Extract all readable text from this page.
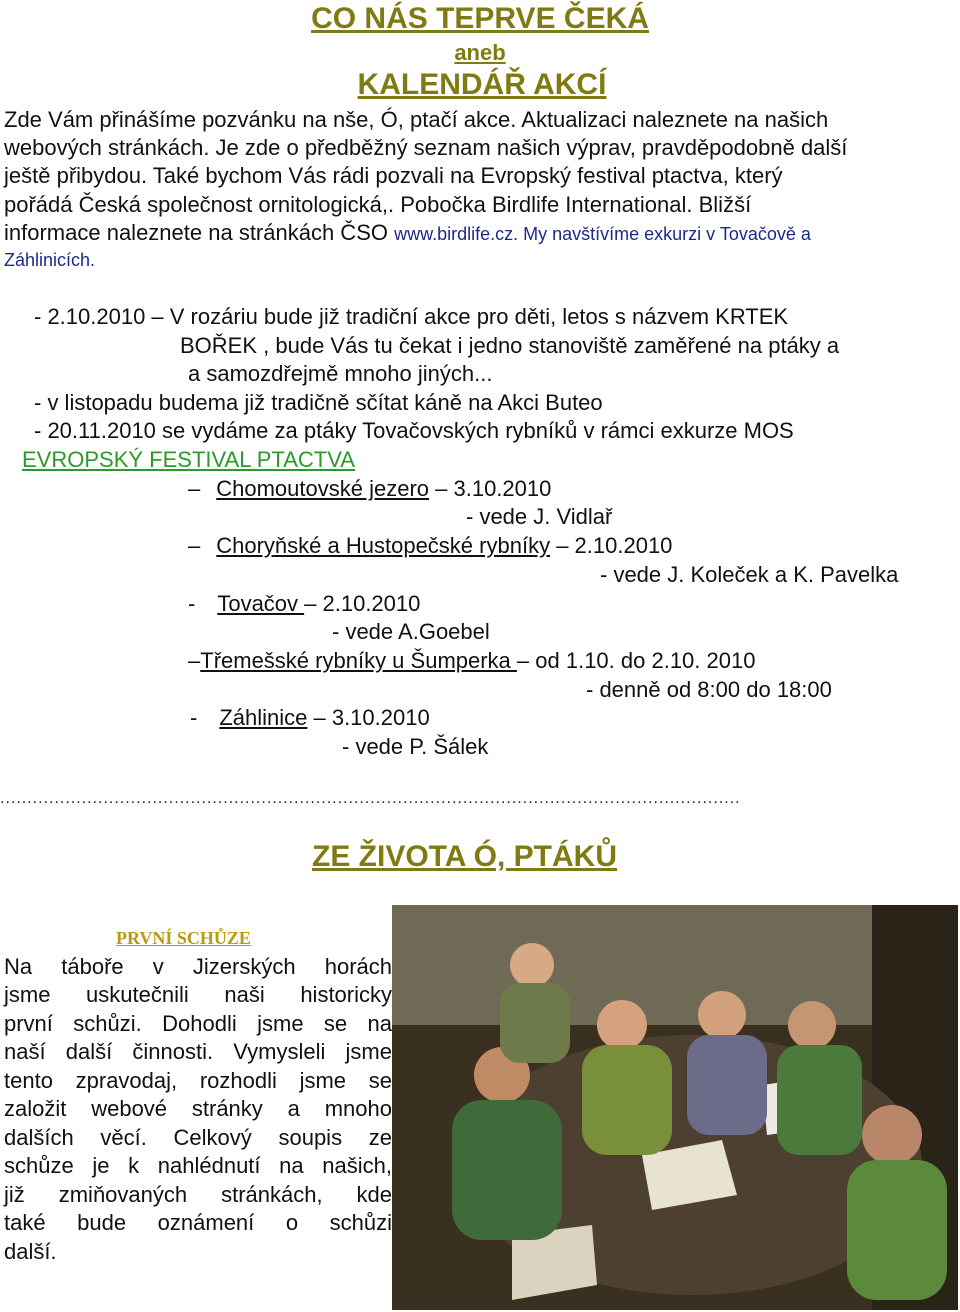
CO NÁS TEPRVE ČEKÁ
aneb
KALENDÁŘ AKCÍ
Zde Vám přinášíme pozvánku na nše, Ó, ptačí akce. Aktualizaci naleznete na našich
webových stránkách. Je zde o předběžný seznam našich výprav, pravděpodobně další
ještě přibydou. Také bychom Vás rádi pozvali na Evropský festival ptactva, který
pořádá Česká společnost ornitologická,. Pobočka Birdlife International. Bližší
informace naleznete na stránkách ČSO www.birdlife.cz. My navštívíme exkurzi v Tovačově a
Záhlinicích.
- 2.10.2010 – V rozáriu bude již tradiční akce pro děti, letos s názvem KRTEK
BOŘEK , bude Vás tu čekat i jedno stanoviště zaměřené na ptáky a
a samozdřejmě mnoho jiných...
- v listopadu budema již tradičně sčítat káně na Akci Buteo
- 20.11.2010 se vydáme za ptáky Tovačovských rybníků v rámci exkurze MOS
EVROPSKÝ FESTIVAL PTACTVA
– Chomoutovské jezero – 3.10.2010
- vede J. Vidlař
– Choryňské a Hustopečské rybníky – 2.10.2010
- vede J. Koleček a K. Pavelka
- Tovačov – 2.10.2010
- vede A.Goebel
–Třemešské rybníky u Šumperka – od 1.10. do 2.10. 2010
- denně od 8:00 do 18:00
- Záhlinice – 3.10.2010
- vede P. Šálek
........................................................................................................................................
ZE ŽIVOTA Ó, PTÁKŮ
PRVNÍ SCHŮZE
Na táboře v Jizerských horách
jsme uskutečnili naši historicky
první schůzi. Dohodli jsme se na
naší další činnosti. Vymysleli jsme
tento zpravodaj, rozhodli jsme se
založit webové stránky a mnoho
dalších věcí. Celkový soupis ze
schůze je k nahlédnutí na našich,
již zmiňovaných stránkách, kde
také bude oznámení o schůzi
další.
